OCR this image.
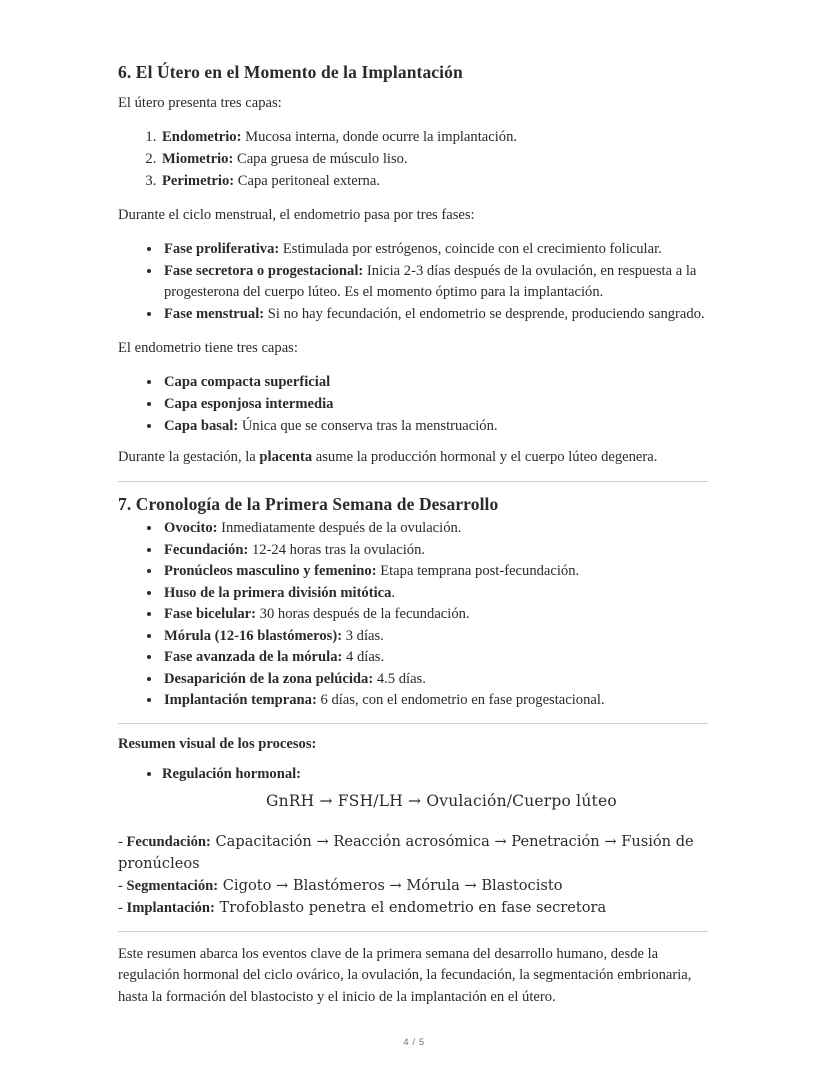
6. El Útero en el Momento de la Implantación

El útero presenta tres capas:

1. Endometrio: Mucosa interna, donde ocurre la implantación.
2. Miometrio: Capa gruesa de músculo liso.
3. Perimetrio: Capa peritoneal externa.

Durante el ciclo menstrual, el endometrio pasa por tres fases:

• Fase proliferativa: Estimulada por estrógenos, coincide con el crecimiento folicular.
• Fase secretora o progestacional: Inicia 2-3 días después de la ovulación, en respuesta a la progesterona del cuerpo lúteo. Es el momento óptimo para la implantación.
• Fase menstrual: Si no hay fecundación, el endometrio se desprende, produciendo sangrado.

El endometrio tiene tres capas:

• Capa compacta superficial
• Capa esponjosa intermedia
• Capa basal: Única que se conserva tras la menstruación.

Durante la gestación, la placenta asume la producción hormonal y el cuerpo lúteo degenera.

7. Cronología de la Primera Semana de Desarrollo
• Ovocito: Inmediatamente después de la ovulación.
• Fecundación: 12-24 horas tras la ovulación.
• Pronúcleos masculino y femenino: Etapa temprana post-fecundación.
• Huso de la primera división mitótica.
• Fase bicelular: 30 horas después de la fecundación.
• Mórula (12-16 blastómeros): 3 días.
• Fase avanzada de la mórula: 4 días.
• Desaparición de la zona pelúcida: 4.5 días.
• Implantación temprana: 6 días, con el endometrio en fase progestacional.

Resumen visual de los procesos:

• Regulación hormonal:
GnRH → FSH/LH → Ovulación/Cuerpo lúteo

- Fecundación: Capacitación → Reacción acrosómica → Penetración → Fusión de pronúcleos

- Segmentación: Cigoto → Blastómeros → Mórula → Blastocisto

- Implantación: Trofoblasto penetra el endometrio en fase secretora

Este resumen abarca los eventos clave de la primera semana del desarrollo humano, desde la regulación hormonal del ciclo ovárico, la ovulación, la fecundación, la segmentación embrionaria, hasta la formación del blastocisto y el inicio de la implantación en el útero.

4 / 5
